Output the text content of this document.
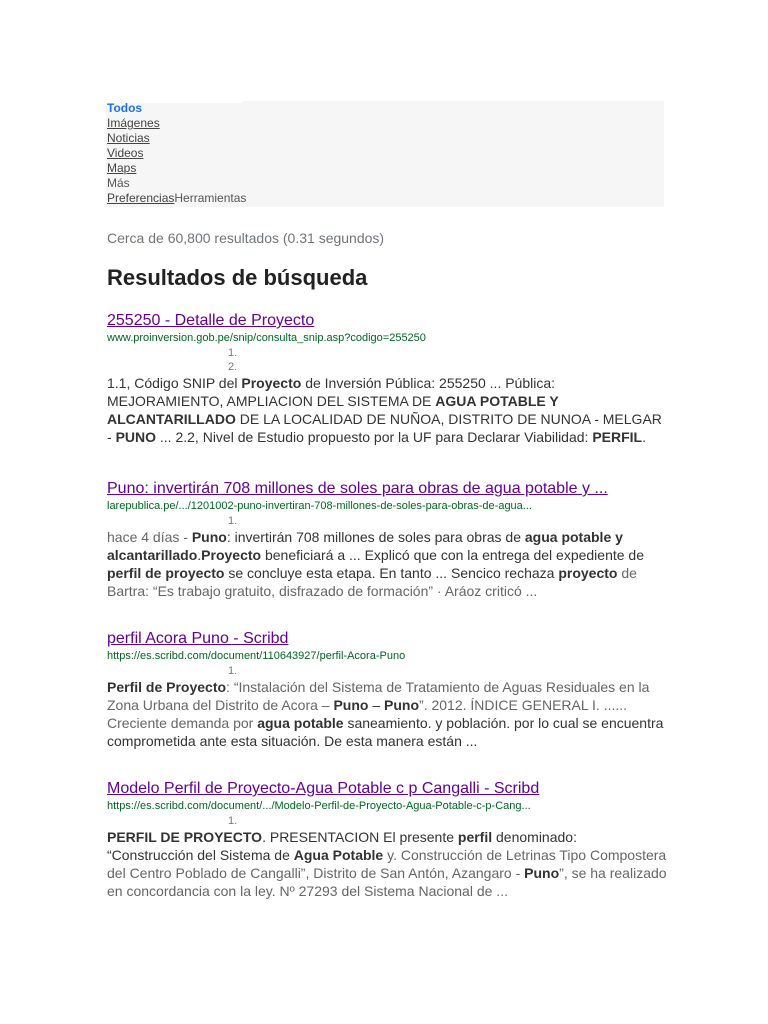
Todos
Imágenes
Noticias
Videos
Maps
Más
PreferenciasHerramientas
Cerca de 60,800 resultados (0.31 segundos)
Resultados de búsqueda
255250 - Detalle de Proyecto
www.proinversion.gob.pe/snip/consulta_snip.asp?codigo=255250
1.
2.

1.1, Código SNIP del Proyecto de Inversión Pública: 255250 ... Pública: MEJORAMIENTO, AMPLIACION DEL SISTEMA DE AGUA POTABLE Y ALCANTARILLADO DE LA LOCALIDAD DE NUÑOA, DISTRITO DE NUNOA - MELGAR - PUNO ... 2.2, Nivel de Estudio propuesto por la UF para Declarar Viabilidad: PERFIL.

Puno: invertirán 708 millones de soles para obras de agua potable y ...
larepublica.pe/.../1201002-puno-invertiran-708-millones-de-soles-para-obras-de-agua...
1.

hace 4 días - Puno: invertirán 708 millones de soles para obras de agua potable y alcantarillado.Proyecto beneficiará a ... Explicó que con la entrega del expediente de perfil de proyecto se concluye esta etapa. En tanto ... Sencico rechaza proyecto de Bartra: “Es trabajo gratuito, disfrazado de formación” · Aráoz criticó ...

perfil Acora Puno - Scribd
https://es.scribd.com/document/110643927/perfil-Acora-Puno
1.

Perfil de Proyecto: “Instalación del Sistema de Tratamiento de Aguas Residuales en la Zona Urbana del Distrito de Acora – Puno – Puno”. 2012. ÍNDICE GENERAL I. ...... Creciente demanda por agua potable saneamiento. y población. por lo cual se encuentra comprometida ante esta situación. De esta manera están ...

Modelo Perfil de Proyecto-Agua Potable c p Cangalli - Scribd
https://es.scribd.com/document/.../Modelo-Perfil-de-Proyecto-Agua-Potable-c-p-Cang...
1.

PERFIL DE PROYECTO. PRESENTACION El presente perfil denominado: “Construcción del Sistema de Agua Potable y. Construcción de Letrinas Tipo Compostera del Centro Poblado de Cangalli”, Distrito de San Antón, Azangaro - Puno”, se ha realizado en concordancia con la ley. Nº 27293 del Sistema Nacional de ...
